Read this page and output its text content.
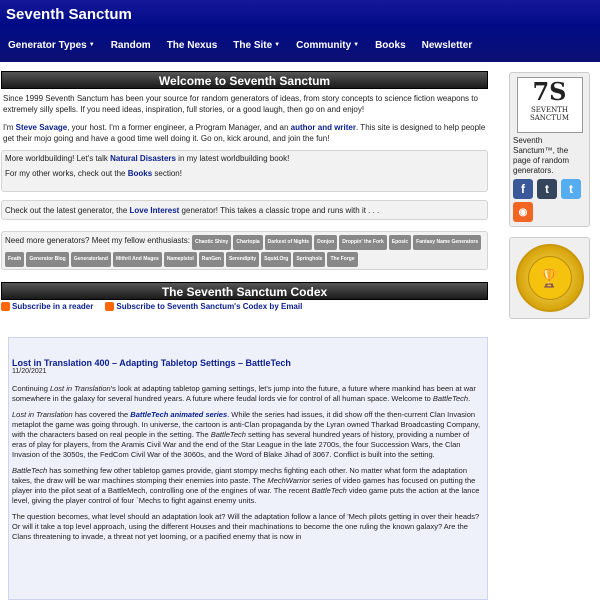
Seventh Sanctum
Generator Types ▼ Random The Nexus The Site ▼ Community ▼ Books Newsletter
Welcome to Seventh Sanctum
Since 1999 Seventh Sanctum has been your source for random generators of ideas, from story concepts to science fiction weapons to extremely silly spells. If you need ideas, inspiration, full stories, or a good laugh, then go on and enjoy!
I'm Steve Savage, your host. I'm a former engineer, a Program Manager, and an author and writer. This site is designed to help people get their mojo going and have a good time well doing it. Go on, kick around, and join the fun!
More worldbuilding! Let's talk Natural Disasters in my latest worldbuilding book!
For my other works, check out the Books section!
Check out the latest generator, the Love Interest generator! This takes a classic trope and runs with it . . .
Need more generators? Meet my fellow enthusiasts:	Chaotic Shiny	Chartopia	Darkest of Nights	Donjon	Droppin' the Fork	Eposic	Fantasy Name Generators
Feath	Generator Blog	Generatorland	Mithril And Mages	Nameplstol	RanGen	Serendipity	Squid.Org	Springhole	The Forge
The Seventh Sanctum Codex
Subscribe in a reader	Subscribe to Seventh Sanctum's Codex by Email
Lost in Translation 400 – Adapting Tabletop Settings – BattleTech
11/20/2021

Continuing Lost in Translation's look at adapting tabletop gaming settings, let's jump into the future, a future where mankind has been at war somewhere in the galaxy for several hundred years. A future where feudal lords vie for control of all human space. Welcome to BattleTech.

Lost in Translation has covered the BattleTech animated series. While the series had issues, it did show off the then-current Clan Invasion metaplot the game was going through. In universe, the cartoon is anti-Clan propaganda by the Lyran owned Tharkad Broadcasting Company, with the characters based on real people in the setting. The BattleTech setting has several hundred years of history, providing a number of eras of play for players, from the Aramis Civil War and the end of the Star League in the late 2700s, the four Succession Wars, the Clan Invasion of the 3050s, the FedCom Civil War of the 3060s, and the Word of Blake Jihad of 3067. Conflict is built into the setting.

BattleTech has something few other tabletop games provide, giant stompy mechs fighting each other. No matter what form the adaptation takes, the draw will be war machines stomping their enemies into paste. The MechWarrior series of video games has focused on putting the player into the pilot seat of a BattleMech, controlling one of the engines of war. The recent BattleTech video game puts the action at the lance level, giving the player control of four `Mechs to fight against enemy units.

The question becomes, what level should an adaptation look at? Will the adaptation follow a lance of 'Mech pilots getting in over their heads? Or will it take a top level approach, using the different Houses and their machinations to become the one ruling the known galaxy? Are the Clans threatening to invade, a threat not yet looming, or a pacified enemy that is now in

7S
SEVENTH SANCTUM
Seventh Sanctum™, the page of random generators.
f	t	t
◉
🏆
